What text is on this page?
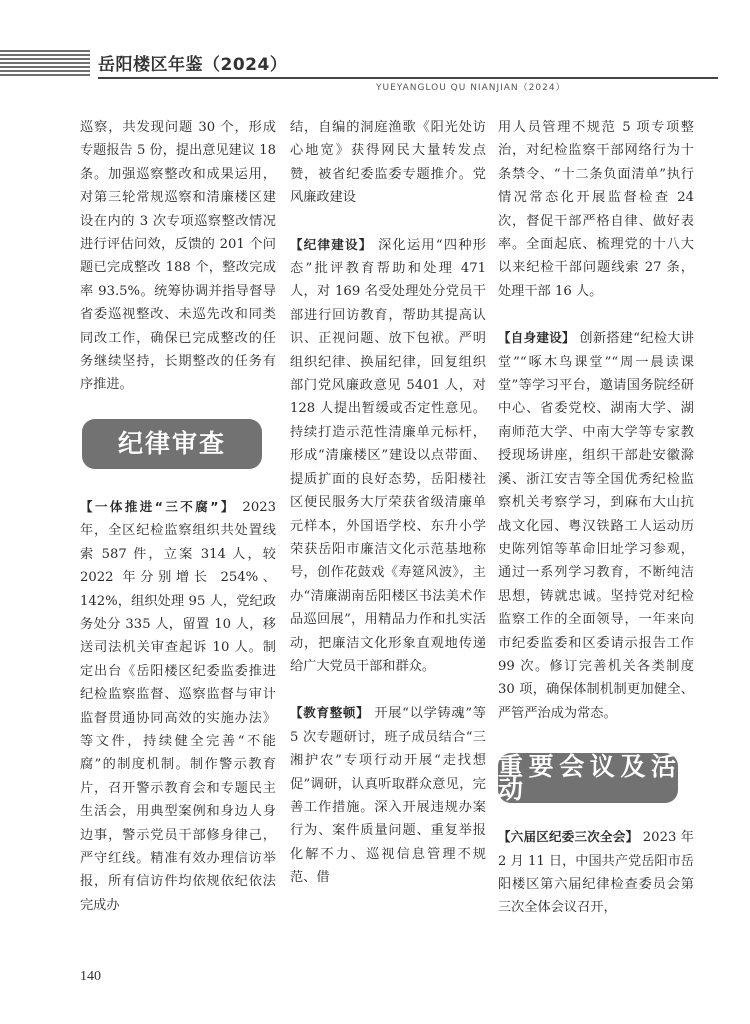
岳阳楼区年鉴（2024）
YUEYANGLOU QU NIANJIAN（2024）

巡察，共发现问题 30 个，形成专题报告 5 份，提出意见建议 18 条。加强巡察整改和成果运用，对第三轮常规巡察和清廉楼区建设在内的 3 次专项巡察整改情况进行评估问效，反馈的 201 个问题已完成整改 188 个，整改完成率 93.5%。统筹协调并指导督导省委巡视整改、未巡先改和同类同改工作，确保已完成整改的任务继续坚持，长期整改的任务有序推进。

纪律审查

【一体推进“三不腐”】 2023 年，全区纪检监察组织共处置线索 587 件，立案 314 人，较 2022 年分别增长 254%、142%，组织处理 95 人，党纪政务处分 335 人，留置 10 人，移送司法机关审查起诉 10 人。制定出台《岳阳楼区纪委监委推进纪检监察监督、巡察监督与审计监督贯通协同高效的实施办法》等文件，持续健全完善“不能腐”的制度机制。制作警示教育片，召开警示教育会和专题民主生活会，用典型案例和身边人身边事，警示党员干部修身律己，严守红线。精准有效办理信访举报，所有信访件均依规依纪依法完成办

结，自编的洞庭渔歌《阳光处访心地宽》获得网民大量转发点赞，被省纪委监委专题推介。党风廉政建设

【纪律建设】 深化运用“四种形态”批评教育帮助和处理 471 人，对 169 名受处理处分党员干部进行回访教育，帮助其提高认识、正视问题、放下包袱。严明组织纪律、换届纪律，回复组织部门党风廉政意见 5401 人，对 128 人提出暂缓或否定性意见。持续打造示范性清廉单元标杆，形成“清廉楼区”建设以点带面、提质扩面的良好态势，岳阳楼社区便民服务大厅荣获省级清廉单元样本，外国语学校、东升小学荣获岳阳市廉洁文化示范基地称号，创作花鼓戏《寿筵风波》，主办“清廉湖南岳阳楼区书法美术作品巡回展”，用精品力作和扎实活动，把廉洁文化形象直观地传递给广大党员干部和群众。

【教育整顿】 开展“以学铸魂”等 5 次专题研讨，班子成员结合“三湘护农”专项行动开展“走找想促”调研，认真听取群众意见，完善工作措施。深入开展违规办案行为、案件质量问题、重复举报化解不力、巡视信息管理不规范、借

用人员管理不规范 5 项专项整治，对纪检监察干部网络行为十条禁令、“十二条负面清单”执行情况常态化开展监督检查 24 次，督促干部严格自律、做好表率。全面起底、梳理党的十八大以来纪检干部问题线索 27 条，处理干部 16 人。

【自身建设】 创新搭建“纪检大讲堂”“啄木鸟课堂”“周一晨读课堂”等学习平台，邀请国务院经研中心、省委党校、湖南大学、湖南师范大学、中南大学等专家教授现场讲座，组织干部赴安徽滁溪、浙江安吉等全国优秀纪检监察机关考察学习，到麻布大山抗战文化园、粤汉铁路工人运动历史陈列馆等革命旧址学习参观，通过一系列学习教育，不断纯洁思想，铸就忠诚。坚持党对纪检监察工作的全面领导，一年来向市纪委监委和区委请示报告工作 99 次。修订完善机关各类制度 30 项，确保体制机制更加健全、严管严治成为常态。

重要会议及活动

【六届区纪委三次全会】 2023 年 2 月 11 日，中国共产党岳阳市岳阳楼区第六届纪律检查委员会第三次全体会议召开，

140
